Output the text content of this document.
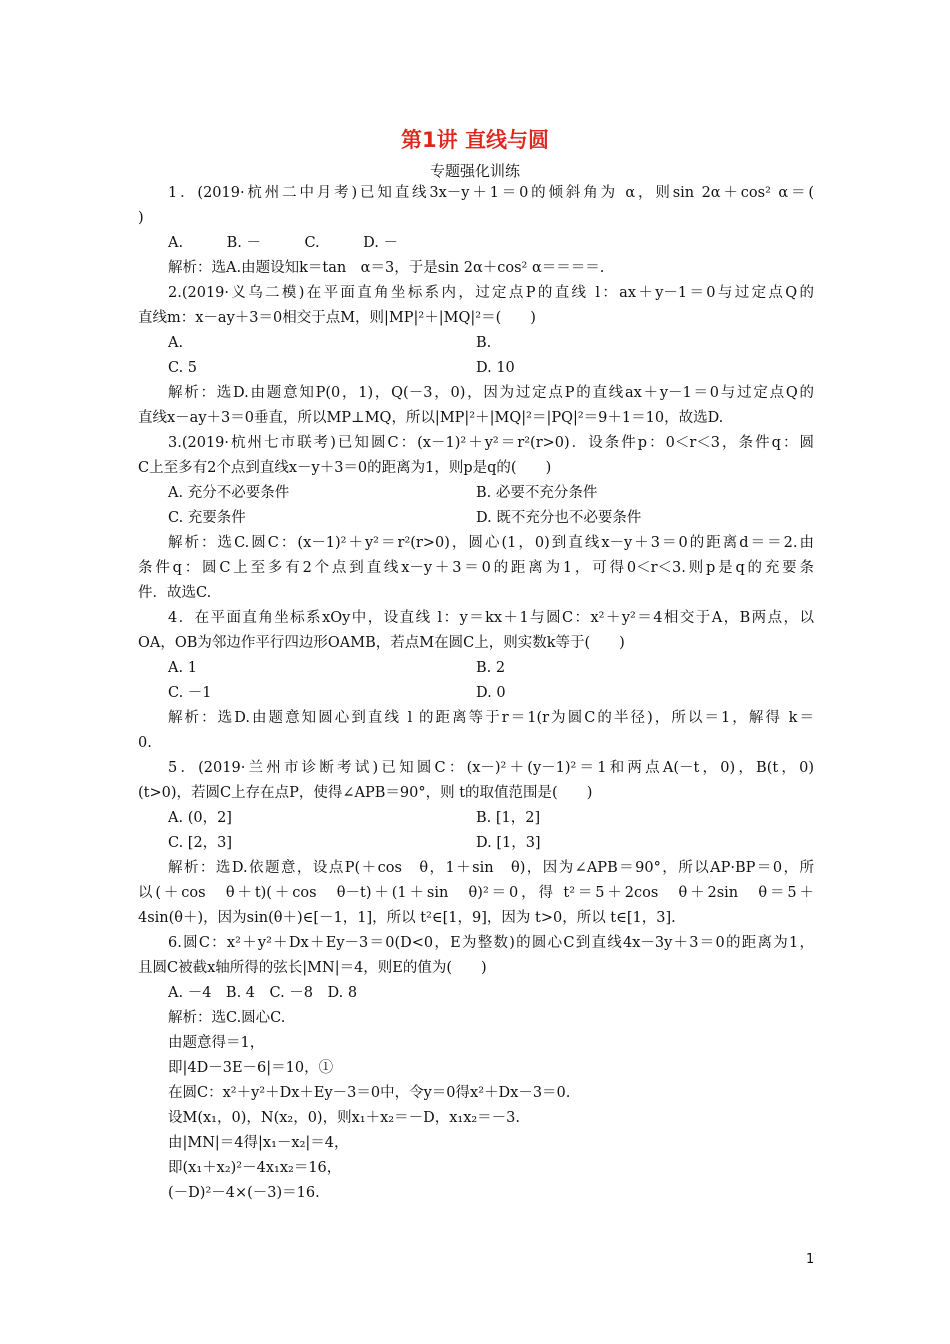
第1讲 直线与圆
专题强化训练
1．(2019·杭州二中月考)已知直线3x－y＋1＝0的倾斜角为 α，则sin 2α＋cos² α＝(
)
A.　　　B. －　　　C.　　　D. －
解析：选A.由题设知k＝tan　α＝3，于是sin 2α＋cos² α＝＝＝＝.
2.(2019·义乌二模)在平面直角坐标系内，过定点P的直线 l：ax＋y－1＝0与过定点Q的
直线m：x－ay＋3＝0相交于点M，则|MP|²＋|MQ|²＝(　　)
A.	B.
C. 5	D. 10
解析：选D.由题意知P(0，1)，Q(－3，0)，因为过定点P的直线ax＋y－1＝0与过定点Q的
直线x－ay＋3＝0垂直，所以MP⊥MQ，所以|MP|²＋|MQ|²＝|PQ|²＝9＋1＝10，故选D.
3.(2019·杭州七市联考)已知圆C：(x－1)²＋y²＝r²(r>0)．设条件p：0＜r＜3，条件q：圆
C上至多有2个点到直线x－y＋3＝0的距离为1，则p是q的(　　)
A. 充分不必要条件	B. 必要不充分条件
C. 充要条件	D. 既不充分也不必要条件
解析：选C.圆C：(x－1)²＋y²＝r²(r>0)，圆心(1，0)到直线x－y＋3＝0的距离d＝＝2.由
条件q：圆C上至多有2个点到直线x－y＋3＝0的距离为1，可得0＜r＜3.则p是q的充要条
件．故选C.
4．在平面直角坐标系xOy中，设直线 l：y＝kx＋1与圆C：x²＋y²＝4相交于A，B两点，以
OA，OB为邻边作平行四边形OAMB，若点M在圆C上，则实数k等于(　　)
A. 1	B. 2
C. －1	D. 0
解析：选D.由题意知圆心到直线 l 的距离等于r＝1(r为圆C的半径)，所以＝1，解得 k＝
0.
5．(2019·兰州市诊断考试)已知圆C：(x－)²＋(y－1)²＝1和两点A(－t，0)，B(t，0)
(t>0)，若圆C上存在点P，使得∠APB＝90°，则 t的取值范围是(　　)
A. (0，2]	B. [1，2]
C. [2，3]	D. [1，3]
解析：选D.依题意，设点P(＋cos　θ，1＋sin　θ)，因为∠APB＝90°，所以AP·BP＝0，所
以(＋cos　θ＋t)(＋cos　θ－t)＋(1＋sin　θ)²＝0，得 t²＝5＋2cos　θ＋2sin　θ＝5＋
4sin(θ＋)，因为sin(θ＋)∈[－1，1]，所以 t²∈[1，9]，因为 t>0，所以 t∈[1，3].
6.圆C：x²＋y²＋Dx＋Ey－3＝0(D<0，E为整数)的圆心C到直线4x－3y＋3＝0的距离为1，
且圆C被截x轴所得的弦长|MN|＝4，则E的值为(　　)
A. －4　B. 4　C. －8　D. 8
解析：选C.圆心C.
由题意得＝1，
即|4D－3E－6|＝10，①
在圆C：x²＋y²＋Dx＋Ey－3＝0中，令y＝0得x²＋Dx－3＝0.
设M(x₁，0)，N(x₂，0)，则x₁＋x₂＝－D，x₁x₂＝－3.
由|MN|＝4得|x₁－x₂|＝4，
即(x₁＋x₂)²－4x₁x₂＝16，
(－D)²－4×(－3)＝16.
1
